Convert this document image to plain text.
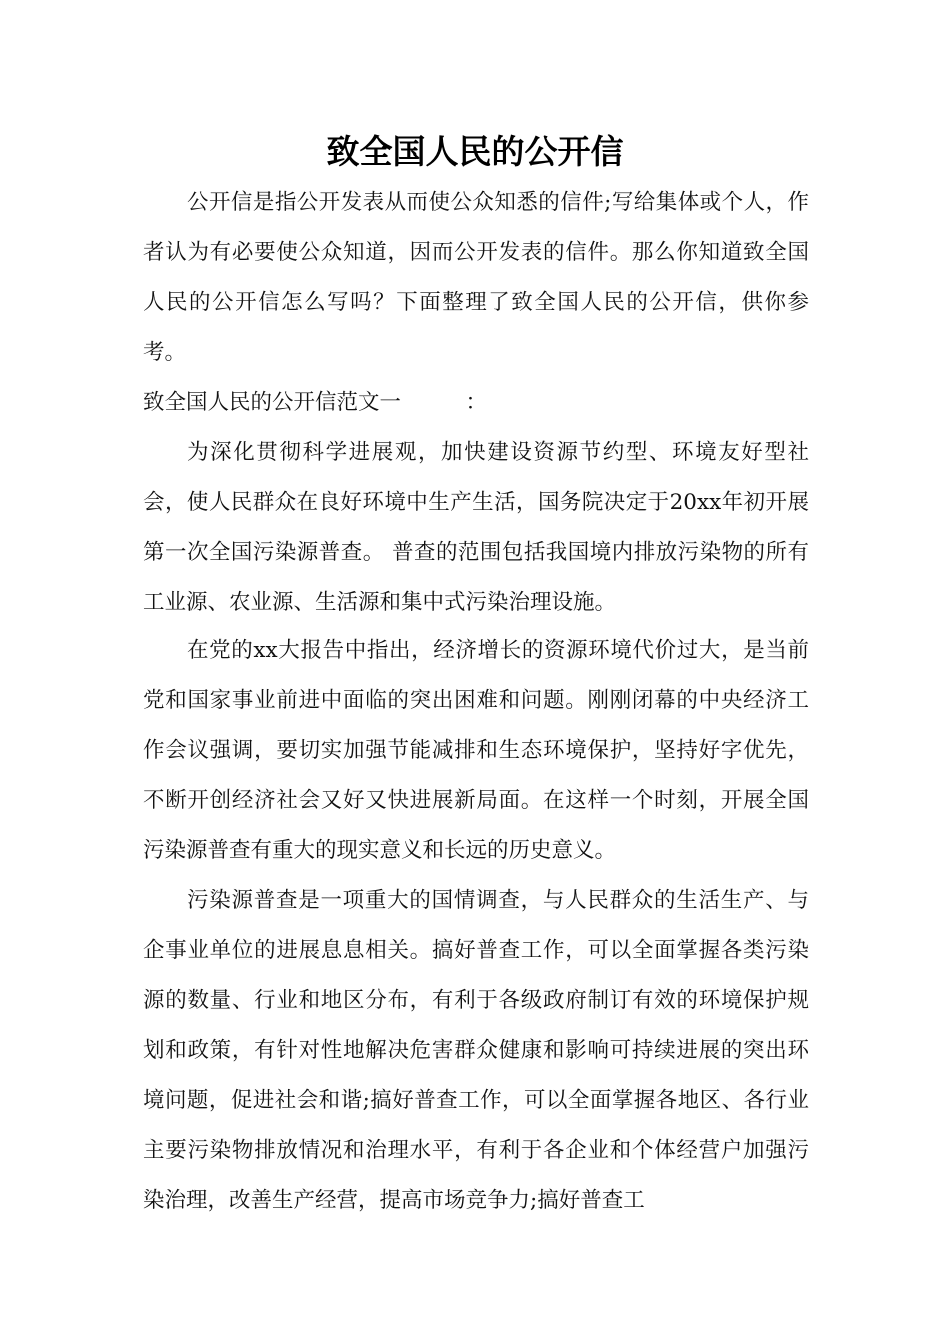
致全国人民的公开信

公开信是指公开发表从而使公众知悉的信件;写给集体或个人，作者认为有必要使公众知道，因而公开发表的信件。那么你知道致全国人民的公开信怎么写吗？下面整理了致全国人民的公开信，供你参考。

致全国人民的公开信范文一　　　：

为深化贯彻科学进展观，加快建设资源节约型、环境友好型社会，使人民群众在良好环境中生产生活，国务院决定于20xx年初开展第一次全国污染源普查。 普查的范围包括我国境内排放污染物的所有工业源、农业源、生活源和集中式污染治理设施。

在党的xx大报告中指出，经济增长的资源环境代价过大，是当前党和国家事业前进中面临的突出困难和问题。刚刚闭幕的中央经济工作会议强调，要切实加强节能减排和生态环境保护，坚持好字优先，不断开创经济社会又好又快进展新局面。在这样一个时刻，开展全国污染源普查有重大的现实意义和长远的历史意义。

污染源普查是一项重大的国情调查，与人民群众的生活生产、与企事业单位的进展息息相关。搞好普查工作，可以全面掌握各类污染源的数量、行业和地区分布，有利于各级政府制订有效的环境保护规划和政策，有针对性地解决危害群众健康和影响可持续进展的突出环境问题，促进社会和谐;搞好普查工作，可以全面掌握各地区、各行业主要污染物排放情况和治理水平，有利于各企业和个体经营户加强污染治理，改善生产经营，提高市场竞争力;搞好普查工
